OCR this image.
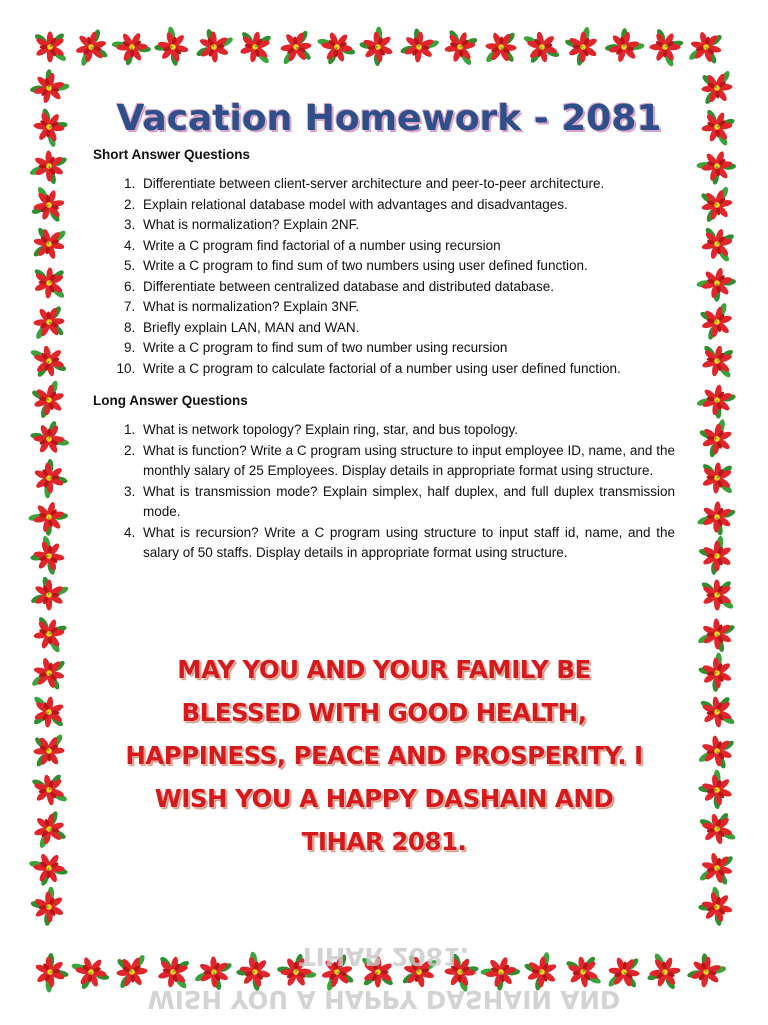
Vacation Homework - 2081
Short Answer Questions
1. Differentiate between client-server architecture and peer-to-peer architecture.
2. Explain relational database model with advantages and disadvantages.
3. What is normalization? Explain 2NF.
4. Write a C program find factorial of a number using recursion
5. Write a C program to find sum of two numbers using user defined function.
6. Differentiate between centralized database and distributed database.
7. What is normalization? Explain 3NF.
8. Briefly explain LAN, MAN and WAN.
9. Write a C program to find sum of two number using recursion
10. Write a C program to calculate factorial of a number using user defined function.
Long Answer Questions
1. What is network topology? Explain ring, star, and bus topology.
2. What is function? Write a C program using structure to input employee ID, name, and the monthly salary of 25 Employees. Display details in appropriate format using structure.
3. What is transmission mode? Explain simplex, half duplex, and full duplex transmission mode.
4. What is recursion? Write a C program using structure to input staff id, name, and the salary of 50 staffs. Display details in appropriate format using structure.
MAY YOU AND YOUR FAMILY BE
BLESSED WITH GOOD HEALTH,
HAPPINESS, PEACE AND PROSPERITY. I
WISH YOU A HAPPY DASHAIN AND
TIHAR 2081.
WISH YOU A HAPPY DASHAIN AND
TIHAR 2081.
